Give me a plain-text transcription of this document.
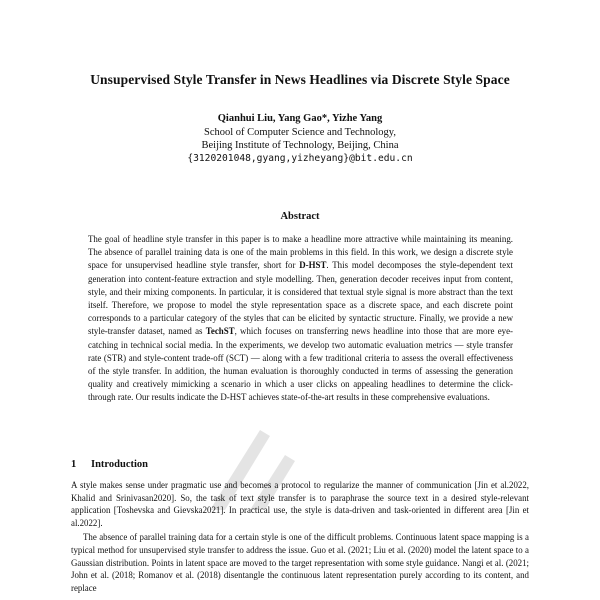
Unsupervised Style Transfer in News Headlines via Discrete Style Space
Qianhui Liu, Yang Gao*, Yizhe Yang
School of Computer Science and Technology,
Beijing Institute of Technology, Beijing, China
{3120201048,gyang,yizheyang}@bit.edu.cn
Abstract

The goal of headline style transfer in this paper is to make a headline more attractive while maintaining its meaning. The absence of parallel training data is one of the main problems in this field. In this work, we design a discrete style space for unsupervised headline style transfer, short for D-HST. This model decomposes the style-dependent text generation into content-feature extraction and style modelling. Then, generation decoder receives input from content, style, and their mixing components. In particular, it is considered that textual style signal is more abstract than the text itself. Therefore, we propose to model the style representation space as a discrete space, and each discrete point corresponds to a particular category of the styles that can be elicited by syntactic structure. Finally, we provide a new style-transfer dataset, named as TechST, which focuses on transferring news headline into those that are more eye-catching in technical social media. In the experiments, we develop two automatic evaluation metrics — style transfer rate (STR) and style-content trade-off (SCT) — along with a few traditional criteria to assess the overall effectiveness of the style transfer. In addition, the human evaluation is thoroughly conducted in terms of assessing the generation quality and creatively mimicking a scenario in which a user clicks on appealing headlines to determine the click-through rate. Our results indicate the D-HST achieves state-of-the-art results in these comprehensive evaluations.

1 Introduction

A style makes sense under pragmatic use and becomes a protocol to regularize the manner of communication [Jin et al.2022, Khalid and Srinivasan2020]. So, the task of text style transfer is to paraphrase the source text in a desired style-relevant application [Toshevska and Gievska2021]. In practical use, the style is data-driven and task-oriented in different area [Jin et al.2022].

The absence of parallel training data for a certain style is one of the difficult problems. Continuous latent space mapping is a typical method for unsupervised style transfer to address the issue. Guo et al. (2021; Liu et al. (2020) model the latent space to a Gaussian distribution. Points in latent space are moved to the target representation with some style guidance. Nangi et al. (2021; John et al. (2018; Romanov et al. (2018) disentangle the continuous latent representation purely according to its content, and replace
